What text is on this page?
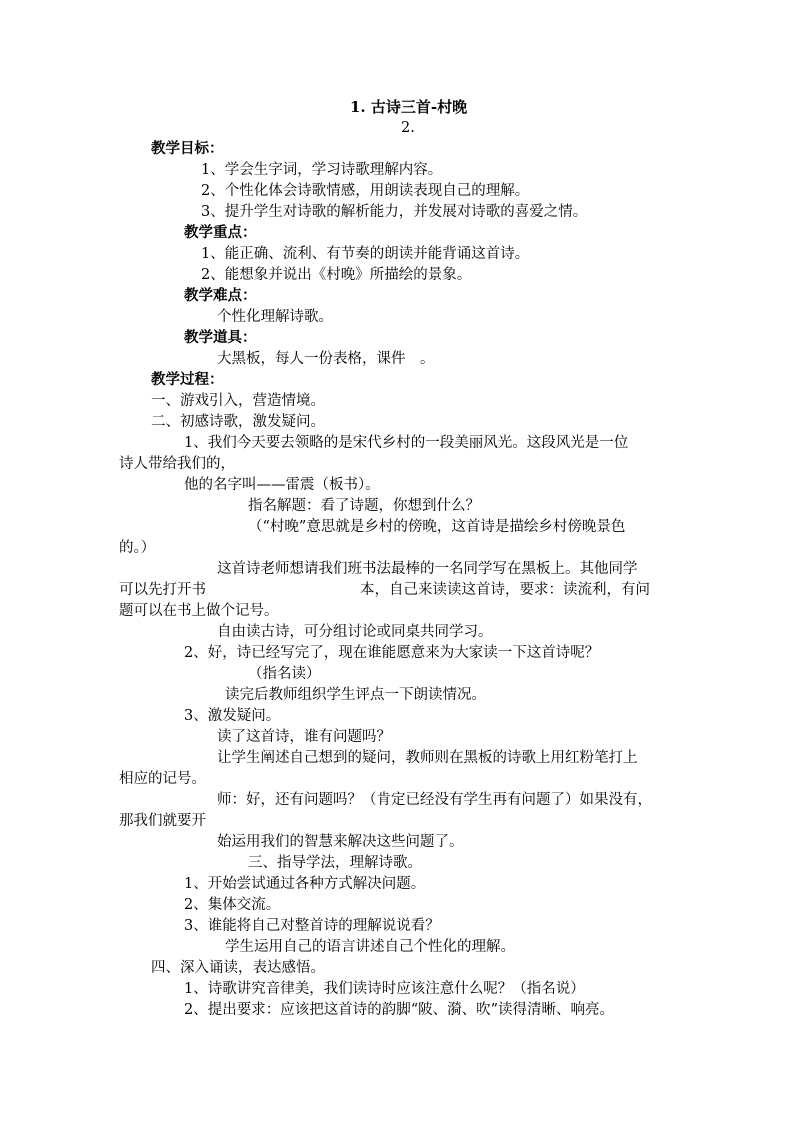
1. 古诗三首-村晚
2.
教学目标：
1、学会生字词，学习诗歌理解内容。
2、个性化体会诗歌情感，用朗读表现自己的理解。
3、提升学生对诗歌的解析能力，并发展对诗歌的喜爱之情。
教学重点：
1、能正确、流利、有节奏的朗读并能背诵这首诗。
2、能想象并说出《村晚》所描绘的景象。
教学难点：
个性化理解诗歌。
教学道具：
大黑板，每人一份表格，课件　。
教学过程：
一、游戏引入，营造情境。
二、初感诗歌，激发疑问。
1、我们今天要去领略的是宋代乡村的一段美丽风光。这段风光是一位
诗人带给我们的，
他的名字叫——雷震（板书）。
指名解题：看了诗题，你想到什么？
（“村晚”意思就是乡村的傍晚，这首诗是描绘乡村傍晚景色
的。）
这首诗老师想请我们班书法最棒的一名同学写在黑板上。其他同学
可以先打开书	本，自己来读读这首诗，要求：读流利，有问
题可以在书上做个记号。
自由读古诗，可分组讨论或同桌共同学习。
2、好，诗已经写完了，现在谁能愿意来为大家读一下这首诗呢？
（指名读）
读完后教师组织学生评点一下朗读情况。
3、激发疑问。
读了这首诗，谁有问题吗？
让学生阐述自己想到的疑问，教师则在黑板的诗歌上用红粉笔打上
相应的记号。
师：好，还有问题吗？（肯定已经没有学生再有问题了）如果没有，
那我们就要开
始运用我们的智慧来解决这些问题了。
三、指导学法，理解诗歌。
1、开始尝试通过各种方式解决问题。
2、集体交流。
3、谁能将自己对整首诗的理解说说看？
学生运用自己的语言讲述自己个性化的理解。
四、深入诵读，表达感悟。
1、诗歌讲究音律美，我们读诗时应该注意什么呢？（指名说）
2、提出要求：应该把这首诗的韵脚“陂、漪、吹”读得清晰、响亮。
